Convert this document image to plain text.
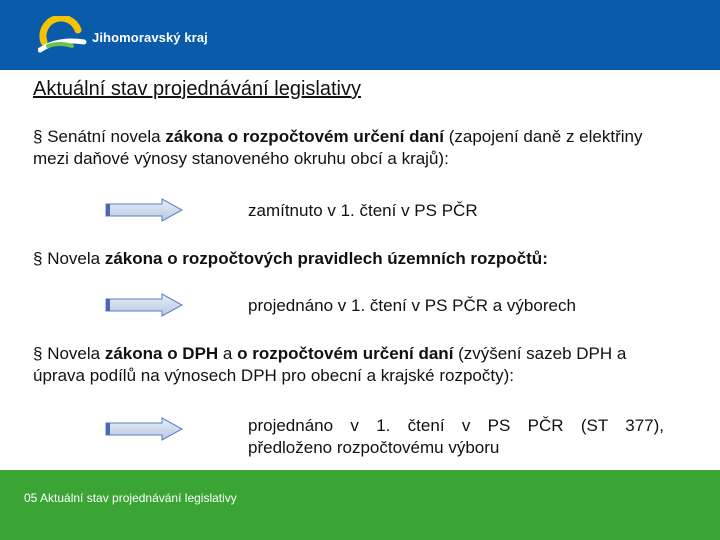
Jihomoravský kraj
Aktuální stav projednávání legislativy
§ Senátní novela zákona o rozpočtovém určení daní (zapojení daně z elektřiny mezi daňové výnosy stanoveného okruhu obcí a krajů):
zamítnuto v 1. čtení v PS PČR
§ Novela zákona o rozpočtových pravidlech územních rozpočtů:
projednáno v 1. čtení v PS PČR a výborech
§ Novela zákona o DPH a o rozpočtovém určení daní (zvýšení sazeb DPH a úprava podílů na výnosech DPH pro obecní a krajské rozpočty):
projednáno v 1. čtení v PS PČR (ST 377),
předloženo rozpočtovému výboru
05 Aktuální stav projednávání legislativy
